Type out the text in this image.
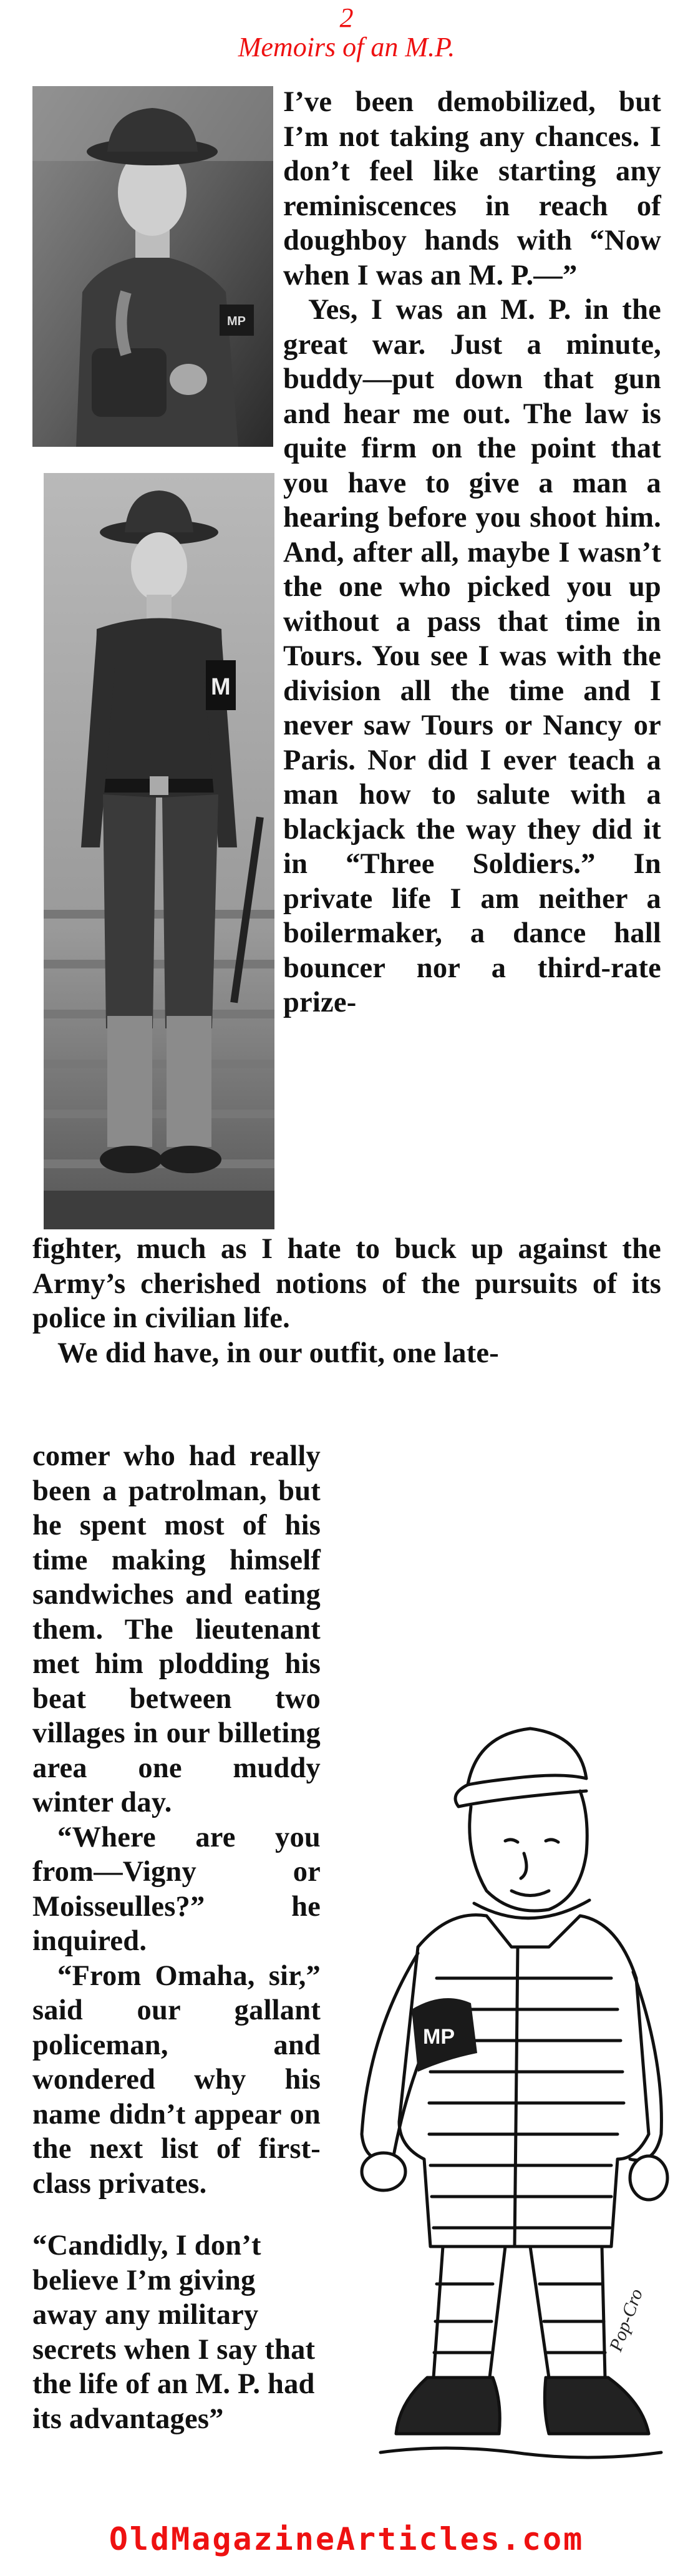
2
Memoirs of an M.P.
MP
M

I’ve been demobilized, but I’m not taking any chances. I don’t feel like starting any reminiscences in reach of doughboy hands with “Now when I was an M. P.—”

Yes, I was an M. P. in the great war. Just a minute, buddy—put down that gun and hear me out. The law is quite firm on the point that you have to give a man a hearing before you shoot him. And, after all, maybe I wasn’t the one who picked you up without a pass that time in Tours. You see I was with the division all the time and I never saw Tours or Nancy or Paris. Nor did I ever teach a man how to salute with a blackjack the way they did it in “Three Soldiers.” In private life I am neither a boilermaker, a dance hall bouncer nor a third-rate prize-

fighter, much as I hate to buck up against the Army’s cherished notions of the pursuits of its police in civilian life.

We did have, in our outfit, one late-

comer who had really been a patrolman, but he spent most of his time making himself sandwiches and eating them. The lieutenant met him plodding his beat between two villages in our billeting area one muddy winter day.

“Where are you from—Vigny or Moisseulles?” he inquired.

“From Omaha, sir,” said our gallant policeman, and wondered why his name didn’t appear on the next list of first-class privates.

“Candidly, I don’t believe I’m giving away any military secrets when I say that the life of an M. P. had its advantages”

MP
Pop-Cro
OldMagazineArticles.com
